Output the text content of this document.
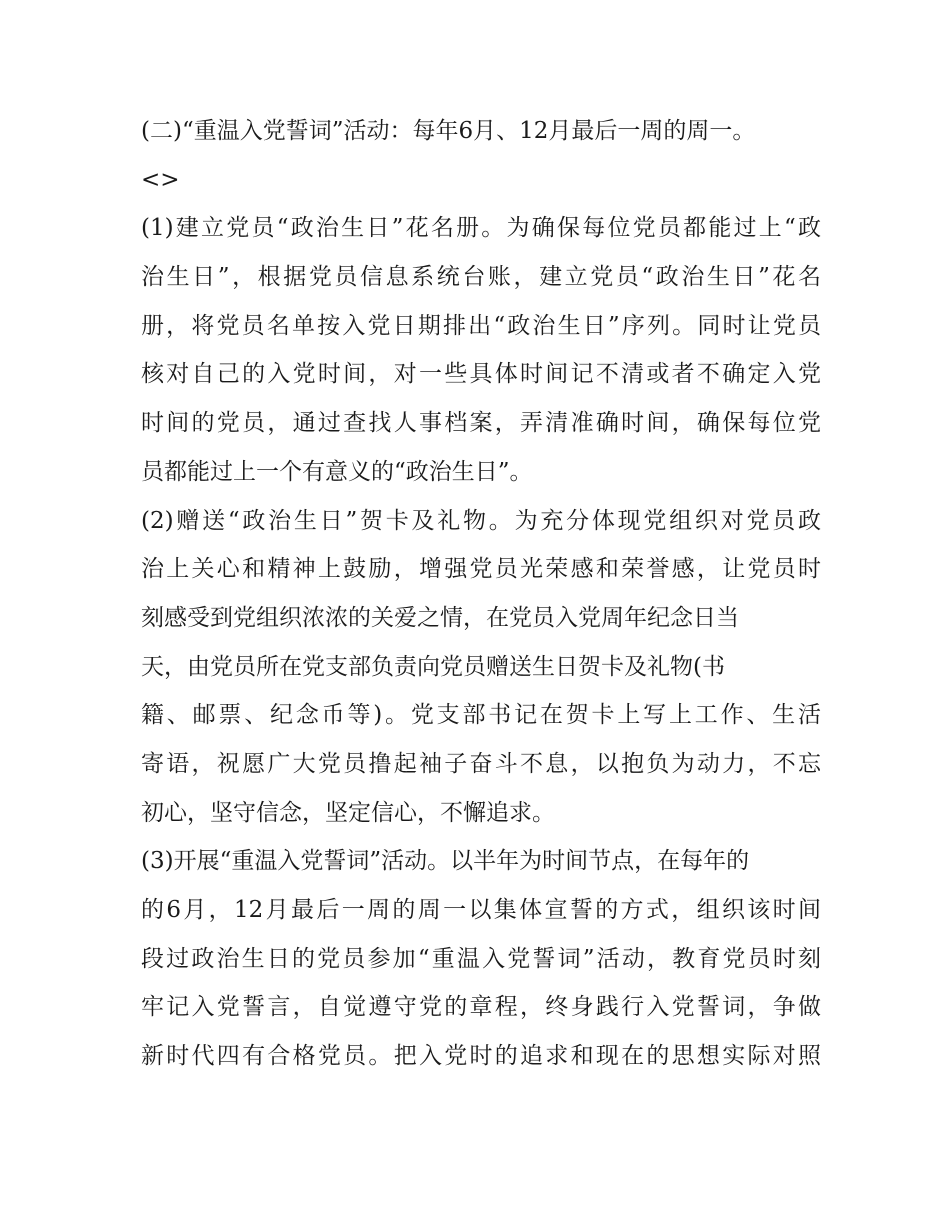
(二)“重温入党誓词”活动：每年6月、12月最后一周的周一。
<>
(1)建立党员“政治生日”花名册。为确保每位党员都能过上“政
治生日”，根据党员信息系统台账，建立党员“政治生日”花名
册，将党员名单按入党日期排出“政治生日”序列。同时让党员
核对自己的入党时间，对一些具体时间记不清或者不确定入党
时间的党员，通过查找人事档案，弄清准确时间，确保每位党
员都能过上一个有意义的“政治生日”。
(2)赠送“政治生日”贺卡及礼物。为充分体现党组织对党员政
治上关心和精神上鼓励，增强党员光荣感和荣誉感，让党员时
刻感受到党组织浓浓的关爱之情，在党员入党周年纪念日当
天，由党员所在党支部负责向党员赠送生日贺卡及礼物(书
籍、邮票、纪念币等)。党支部书记在贺卡上写上工作、生活
寄语，祝愿广大党员撸起袖子奋斗不息，以抱负为动力，不忘
初心，坚守信念，坚定信心，不懈追求。
(3)开展“重温入党誓词”活动。以半年为时间节点，在每年的
的6月，12月最后一周的周一以集体宣誓的方式，组织该时间
段过政治生日的党员参加“重温入党誓词”活动，教育党员时刻
牢记入党誓言，自觉遵守党的章程，终身践行入党誓词，争做
新时代四有合格党员。把入党时的追求和现在的思想实际对照
